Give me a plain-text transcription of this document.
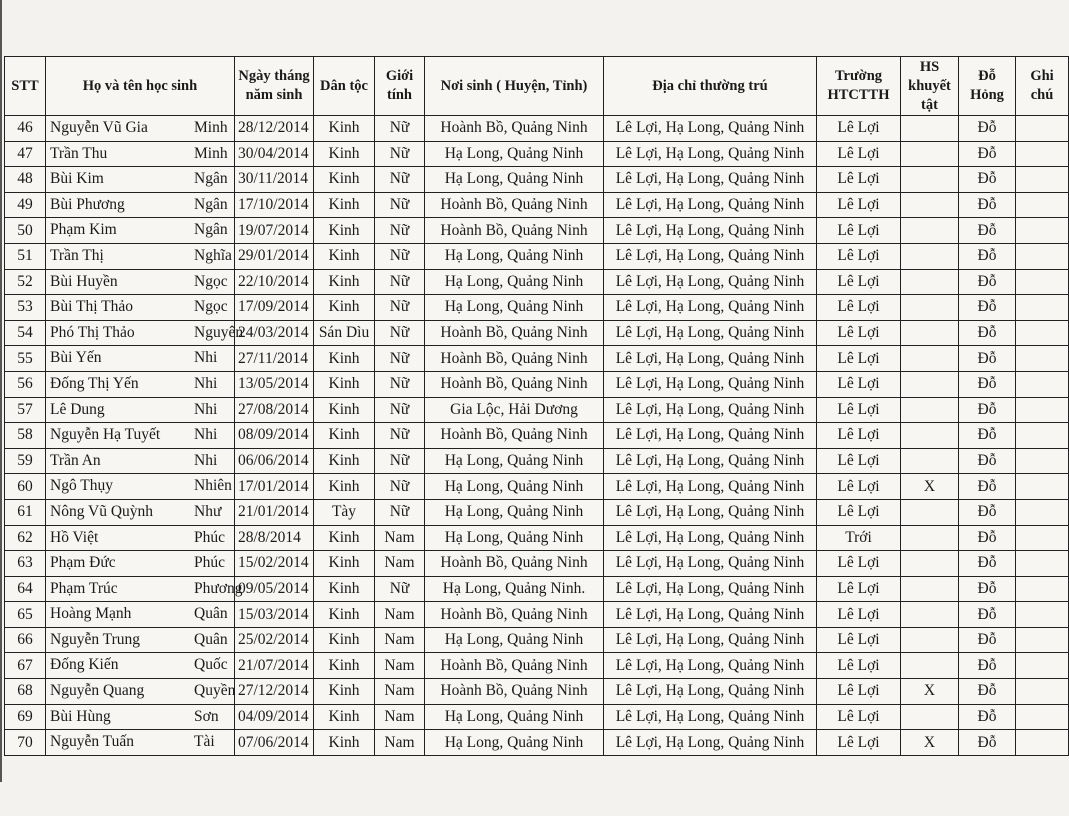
STT	Họ và tên học sinh	Ngày tháng năm sinh	Dân tộc	Giới tính	Nơi sinh ( Huyện, Tỉnh)	Địa chỉ thường trú	Trường HTCTTH	HS khuyết tật	Đỗ Hỏng	Ghi chú
46	Nguyễn Vũ Gia Minh	28/12/2014	Kinh	Nữ	Hoành Bồ, Quảng Ninh	Lê Lợi, Hạ Long, Quảng Ninh	Lê Lợi		Đỗ	
47	Trần Thu Minh	30/04/2014	Kinh	Nữ	Hạ Long, Quảng Ninh	Lê Lợi, Hạ Long, Quảng Ninh	Lê Lợi		Đỗ	
48	Bùi Kim Ngân	30/11/2014	Kinh	Nữ	Hạ Long, Quảng Ninh	Lê Lợi, Hạ Long, Quảng Ninh	Lê Lợi		Đỗ	
49	Bùi Phương Ngân	17/10/2014	Kinh	Nữ	Hoành Bồ, Quảng Ninh	Lê Lợi, Hạ Long, Quảng Ninh	Lê Lợi		Đỗ	
50	Phạm Kim Ngân	19/07/2014	Kinh	Nữ	Hoành Bồ, Quảng Ninh	Lê Lợi, Hạ Long, Quảng Ninh	Lê Lợi		Đỗ	
51	Trần Thị Nghĩa	29/01/2014	Kinh	Nữ	Hạ Long, Quảng Ninh	Lê Lợi, Hạ Long, Quảng Ninh	Lê Lợi		Đỗ	
52	Bùi Huyền Ngọc	22/10/2014	Kinh	Nữ	Hạ Long, Quảng Ninh	Lê Lợi, Hạ Long, Quảng Ninh	Lê Lợi		Đỗ	
53	Bùi Thị Thảo Ngọc	17/09/2014	Kinh	Nữ	Hạ Long, Quảng Ninh	Lê Lợi, Hạ Long, Quảng Ninh	Lê Lợi		Đỗ	
54	Phó Thị Thảo Nguyên	24/03/2014	Sán Dìu	Nữ	Hoành Bồ, Quảng Ninh	Lê Lợi, Hạ Long, Quảng Ninh	Lê Lợi		Đỗ	
55	Bùi Yến Nhi	27/11/2014	Kinh	Nữ	Hoành Bồ, Quảng Ninh	Lê Lợi, Hạ Long, Quảng Ninh	Lê Lợi		Đỗ	
56	Đống Thị Yến Nhi	13/05/2014	Kinh	Nữ	Hoành Bồ, Quảng Ninh	Lê Lợi, Hạ Long, Quảng Ninh	Lê Lợi		Đỗ	
57	Lê Dung Nhi	27/08/2014	Kinh	Nữ	Gia Lộc, Hải Dương	Lê Lợi, Hạ Long, Quảng Ninh	Lê Lợi		Đỗ	
58	Nguyễn Hạ Tuyết Nhi	08/09/2014	Kinh	Nữ	Hoành Bồ, Quảng Ninh	Lê Lợi, Hạ Long, Quảng Ninh	Lê Lợi		Đỗ	
59	Trần An Nhi	06/06/2014	Kinh	Nữ	Hạ Long, Quảng Ninh	Lê Lợi, Hạ Long, Quảng Ninh	Lê Lợi		Đỗ	
60	Ngô Thụy Nhiên	17/01/2014	Kinh	Nữ	Hạ Long, Quảng Ninh	Lê Lợi, Hạ Long, Quảng Ninh	Lê Lợi	X	Đỗ	
61	Nông Vũ Quỳnh Như	21/01/2014	Tày	Nữ	Hạ Long, Quảng Ninh	Lê Lợi, Hạ Long, Quảng Ninh	Lê Lợi		Đỗ	
62	Hồ Việt Phúc	28/8/2014	Kinh	Nam	Hạ Long, Quảng Ninh	Lê Lợi, Hạ Long, Quảng Ninh	Trới		Đỗ	
63	Phạm Đức Phúc	15/02/2014	Kinh	Nam	Hoành Bồ, Quảng Ninh	Lê Lợi, Hạ Long, Quảng Ninh	Lê Lợi		Đỗ	
64	Phạm Trúc Phương	09/05/2014	Kinh	Nữ	Hạ Long, Quảng Ninh.	Lê Lợi, Hạ Long, Quảng Ninh	Lê Lợi		Đỗ	
65	Hoàng Mạnh Quân	15/03/2014	Kinh	Nam	Hoành Bồ, Quảng Ninh	Lê Lợi, Hạ Long, Quảng Ninh	Lê Lợi		Đỗ	
66	Nguyễn Trung Quân	25/02/2014	Kinh	Nam	Hạ Long, Quảng Ninh	Lê Lợi, Hạ Long, Quảng Ninh	Lê Lợi		Đỗ	
67	Đống Kiến Quốc	21/07/2014	Kinh	Nam	Hoành Bồ, Quảng Ninh	Lê Lợi, Hạ Long, Quảng Ninh	Lê Lợi		Đỗ	
68	Nguyễn Quang Quyền	27/12/2014	Kinh	Nam	Hoành Bồ, Quảng Ninh	Lê Lợi, Hạ Long, Quảng Ninh	Lê Lợi	X	Đỗ	
69	Bùi Hùng Sơn	04/09/2014	Kinh	Nam	Hạ Long, Quảng Ninh	Lê Lợi, Hạ Long, Quảng Ninh	Lê Lợi		Đỗ	
70	Nguyễn Tuấn Tài	07/06/2014	Kinh	Nam	Hạ Long, Quảng Ninh	Lê Lợi, Hạ Long, Quảng Ninh	Lê Lợi	X	Đỗ	
